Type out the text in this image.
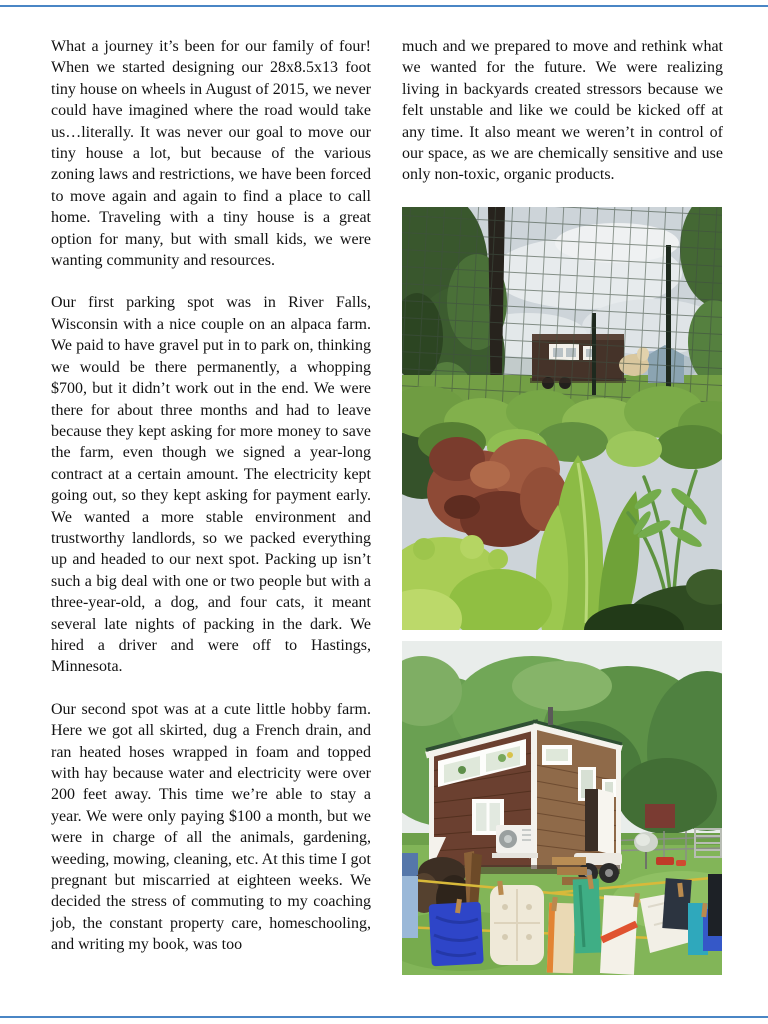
What a journey it’s been for our family of four! When we started designing our 28x8.5x13 foot tiny house on wheels in August of 2015, we never could have imagined where the road would take us…literally. It was never our goal to move our tiny house a lot, but because of the various zoning laws and restrictions, we have been forced to move again and again to find a place to call home. Traveling with a tiny house is a great option for many, but with small kids, we were wanting community and resources.

Our first parking spot was in River Falls, Wisconsin with a nice couple on an alpaca farm. We paid to have gravel put in to park on, thinking we would be there permanently, a whopping $700, but it didn’t work out in the end. We were there for about three months and had to leave because they kept asking for more money to save the farm, even though we signed a year-long contract at a certain amount. The electricity kept going out, so they kept asking for payment early. We wanted a more stable environment and trustworthy landlords, so we packed everything up and headed to our next spot. Packing up isn’t such a big deal with one or two people but with a three-year-old, a dog, and four cats, it meant several late nights of packing in the dark. We hired a driver and were off to Hastings, Minnesota.

Our second spot was at a cute little hobby farm. Here we got all skirted, dug a French drain, and ran heated hoses wrapped in foam and topped with hay because water and electricity were over 200 feet away. This time we’re able to stay a year. We were only paying $100 a month, but we were in charge of all the animals, gardening, weeding, mowing, cleaning, etc. At this time I got pregnant but miscarried at eighteen weeks. We decided the stress of commuting to my coaching job, the constant property care, homeschooling, and writing my book, was too

much and we prepared to move and rethink what we wanted for the future. We were realizing living in backyards created stressors because we felt unstable and like we could be kicked off at any time. It also meant we weren’t in control of our space, as we are chemically sensitive and use only non-toxic, organic products.
